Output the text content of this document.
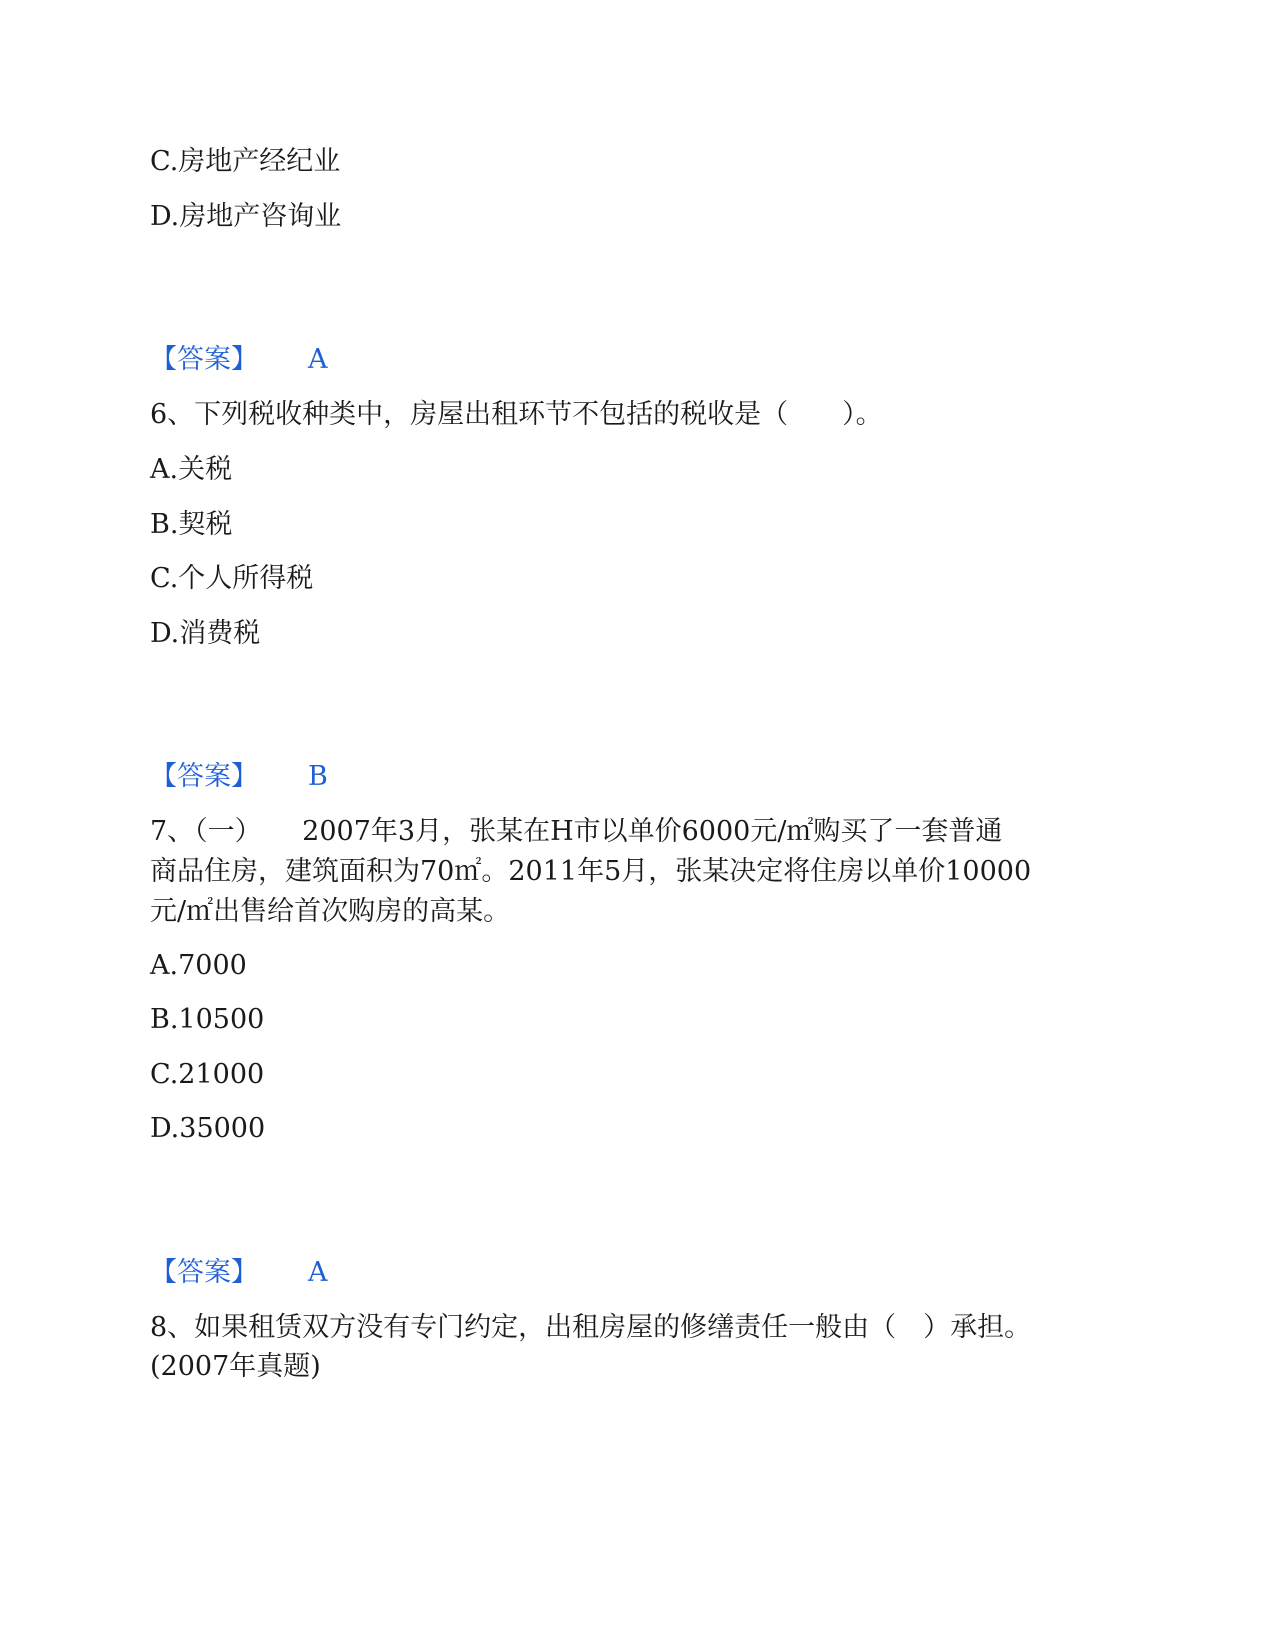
C.房地产经纪业
D.房地产咨询业
【答案】 A
6、下列税收种类中，房屋出租环节不包括的税收是（　　）。
A.关税
B.契税
C.个人所得税
D.消费税
【答案】 B
7、（一）　　2007年3月，张某在H市以单价6000元/㎡购买了一套普通
商品住房，建筑面积为70㎡。2011年5月，张某决定将住房以单价10000
元/㎡出售给首次购房的高某。
A.7000
B.10500
C.21000
D.35000
【答案】 A
8、如果租赁双方没有专门约定，出租房屋的修缮责任一般由（　）承担。
(2007年真题)
